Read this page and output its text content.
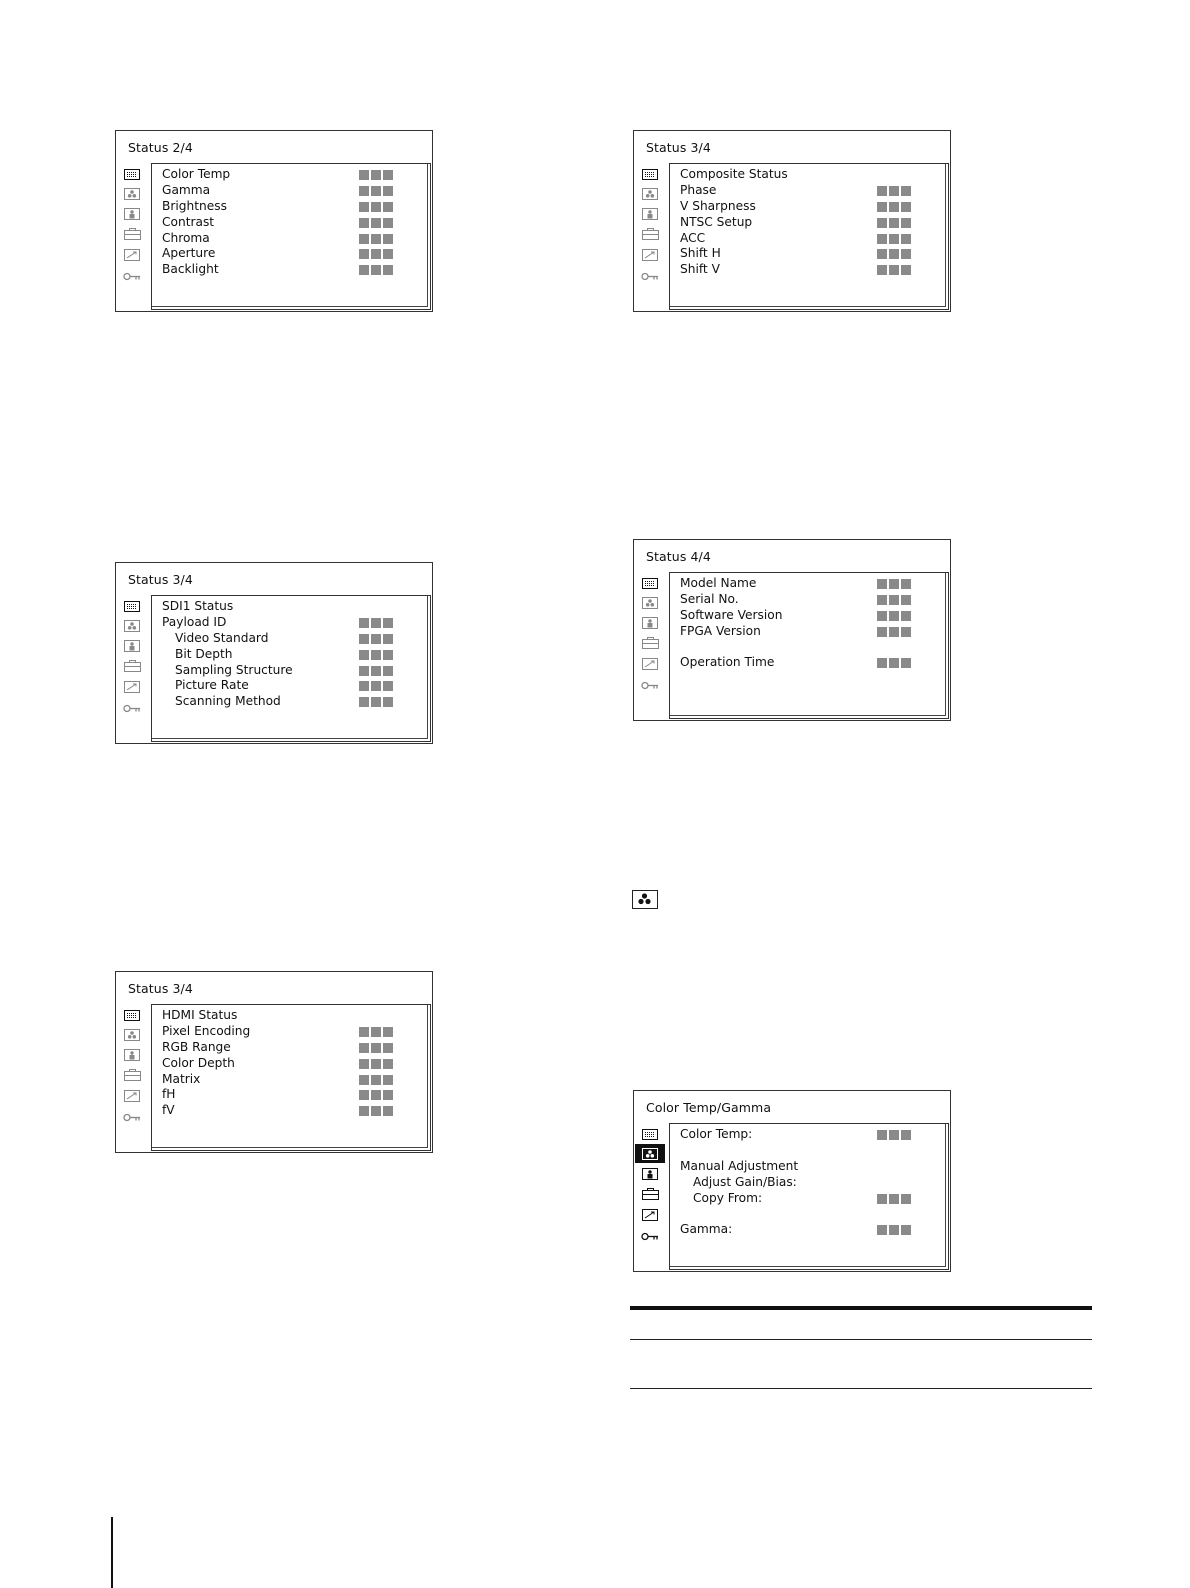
Status 2/4
Color Temp
Gamma
Brightness
Contrast
Chroma
Aperture
Backlight
Status 3/4
Composite Status
Phase
V Sharpness
NTSC Setup
ACC
Shift H
Shift V
Status 3/4
SDI1 Status
Payload ID
Video Standard
Bit Depth
Sampling Structure
Picture Rate
Scanning Method
Status 4/4
Model Name
Serial No.
Software Version
FPGA Version
Operation Time
Status 3/4
HDMI Status
Pixel Encoding
RGB Range
Color Depth
Matrix
fH
fV	Color Temp/Gamma
Color Temp:
Manual Adjustment
Adjust Gain/Bias:
Copy From:
Gamma:
